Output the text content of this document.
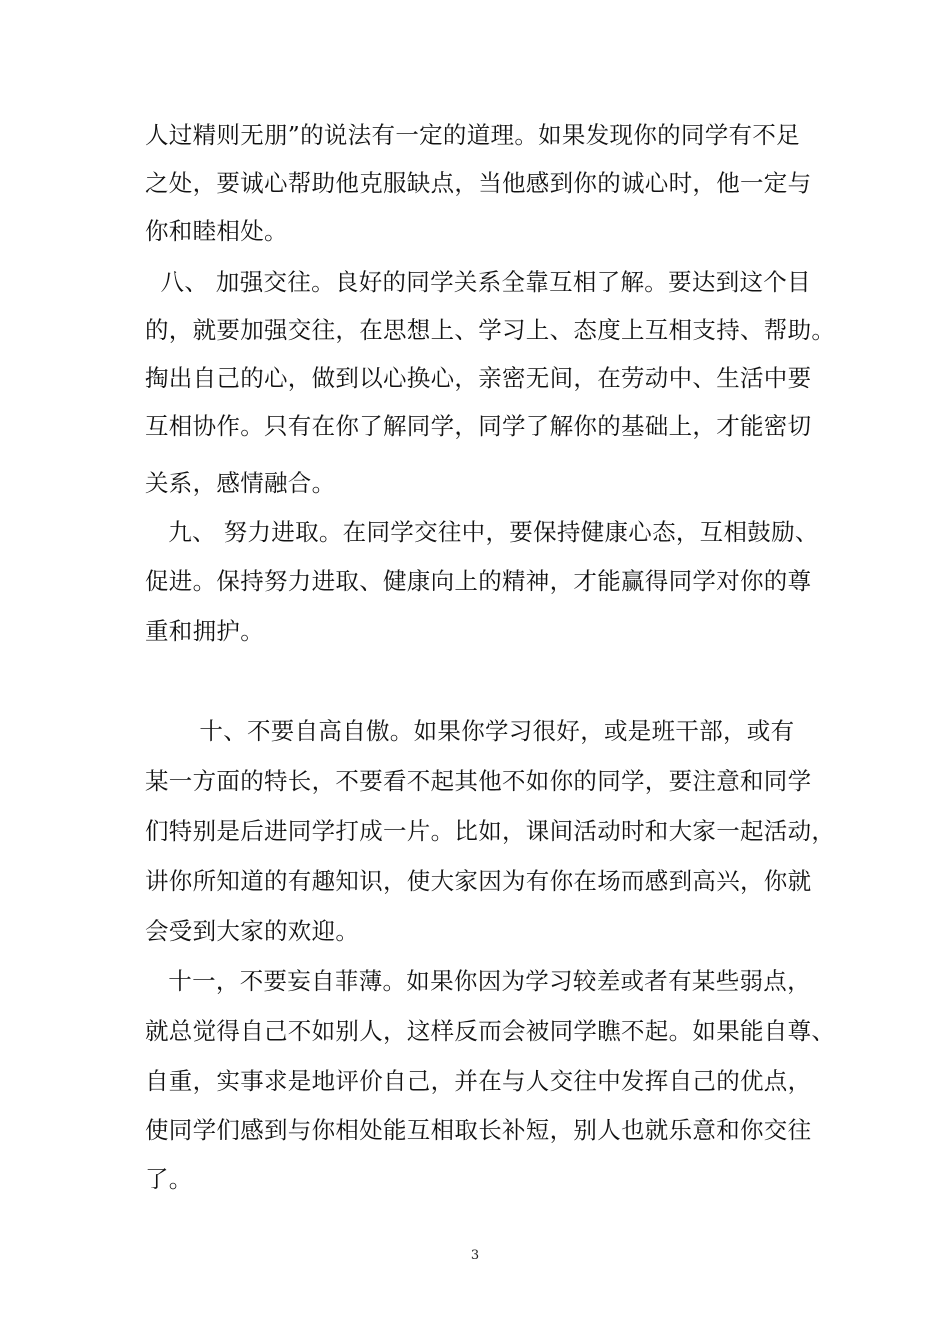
人过精则无朋”的说法有一定的道理。如果发现你的同学有不足
之处，要诚心帮助他克服缺点，当他感到你的诚心时，他一定与
你和睦相处。
八、 加强交往。良好的同学关系全靠互相了解。要达到这个目
的，就要加强交往，在思想上、学习上、态度上互相支持、帮助。
掏出自己的心，做到以心换心，亲密无间，在劳动中、生活中要
互相协作。只有在你了解同学，同学了解你的基础上，才能密切
关系，感情融合。
九、 努力进取。在同学交往中，要保持健康心态，互相鼓励、
促进。保持努力进取、健康向上的精神，才能赢得同学对你的尊
重和拥护。
十、不要自高自傲。如果你学习很好，或是班干部，或有
某一方面的特长，不要看不起其他不如你的同学，要注意和同学
们特别是后进同学打成一片。比如，课间活动时和大家一起活动，
讲你所知道的有趣知识，使大家因为有你在场而感到高兴，你就
会受到大家的欢迎。
十一，不要妄自菲薄。如果你因为学习较差或者有某些弱点，
就总觉得自己不如别人，这样反而会被同学瞧不起。如果能自尊、
自重，实事求是地评价自己，并在与人交往中发挥自己的优点，
使同学们感到与你相处能互相取长补短，别人也就乐意和你交往
了。
3
